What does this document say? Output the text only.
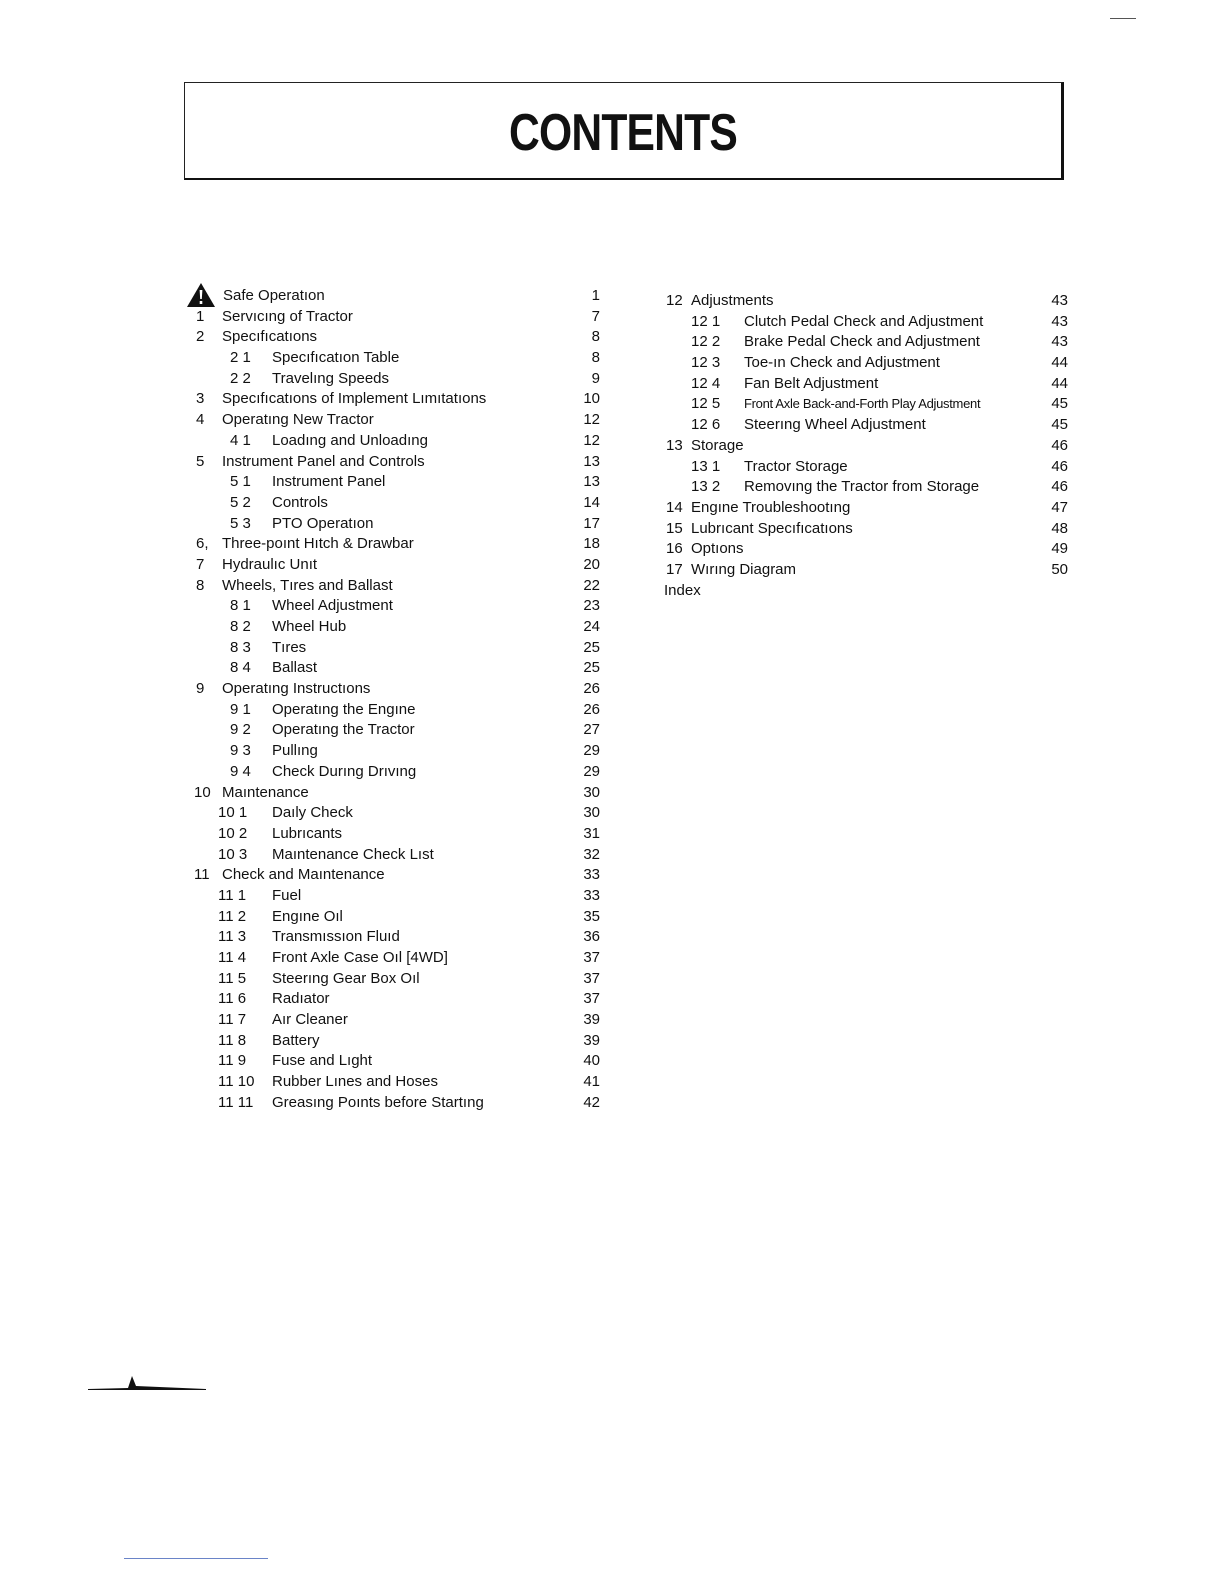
CONTENTS
Safe Operatıon	1
1 Servıcıng of Tractor	7
2 Specıfıcatıons	8
2 1 Specıfıcatıon Table	8
2 2 Travelıng Speeds	9
3 Specıfıcatıons of Implement Lımıtatıons	10
4 Operatıng New Tractor	12
4 1 Loadıng and Unloadıng	12
5 Instrument Panel and Controls	13
5 1 Instrument Panel	13
5 2 Controls	14
5 3 PTO Operatıon	17
6, Three-poınt Hıtch & Drawbar	18
7 Hydraulıc Unıt	20
8 Wheels, Tıres and Ballast	22
8 1 Wheel Adjustment	23
8 2 Wheel Hub	24
8 3 Tıres	25
8 4 Ballast	25
9 Operatıng Instructıons	26
9 1 Operatıng the Engıne	26
9 2 Operatıng the Tractor	27
9 3 Pullıng	29
9 4 Check Durıng Drıvıng	29
10 Maıntenance	30
10 1 Daıly Check	30
10 2 Lubrıcants	31
10 3 Maıntenance Check Lıst	32
11 Check and Maıntenance	33
11 1 Fuel	33
11 2 Engıne Oıl	35
11 3 Transmıssıon Fluıd	36
11 4 Front Axle Case Oıl [4WD]	37
11 5 Steerıng Gear Box Oıl	37
11 6 Radıator	37
11 7 Aır Cleaner	39
11 8 Battery	39
11 9 Fuse and Lıght	40
11 10 Rubber Lınes and Hoses	41
11 11 Greasıng Poınts before Startıng	42
12 Adjustments	43
12 1 Clutch Pedal Check and Adjustment	43
12 2 Brake Pedal Check and Adjustment	43
12 3 Toe-ın Check and Adjustment	44
12 4 Fan Belt Adjustment	44
12 5 Front Axle Back-and-Forth Play Adjustment	45
12 6 Steerıng Wheel Adjustment	45
13 Storage	46
13 1 Tractor Storage	46
13 2 Removıng the Tractor from Storage	46
14 Engıne Troubleshootıng	47
15 Lubrıcant Specıfıcatıons	48
16 Optıons	49
17 Wırıng Diagram	50
Index
